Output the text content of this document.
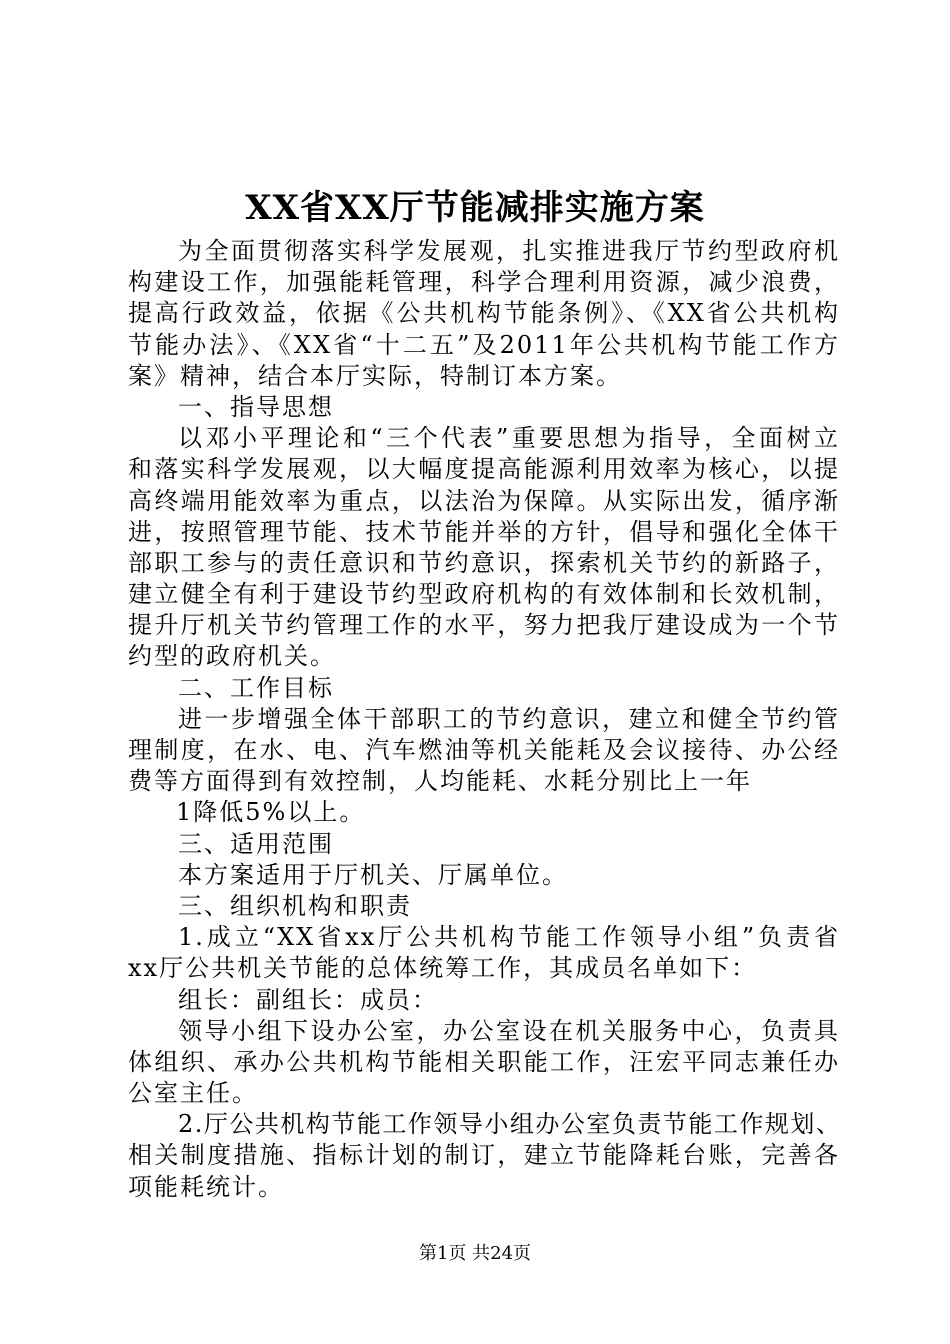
XX省XX厅节能减排实施方案
为全面贯彻落实科学发展观，扎实推进我厅节约型政府机
构建设工作，加强能耗管理，科学合理利用资源，减少浪费，
提高行政效益，依据《公共机构节能条例》、《XX省公共机构
节能办法》、《XX省“十二五”及2011年公共机构节能工作方
案》精神，结合本厅实际，特制订本方案。
一、指导思想
以邓小平理论和“三个代表”重要思想为指导，全面树立
和落实科学发展观，以大幅度提高能源利用效率为核心，以提
高终端用能效率为重点，以法治为保障。从实际出发，循序渐
进，按照管理节能、技术节能并举的方针，倡导和强化全体干
部职工参与的责任意识和节约意识，探索机关节约的新路子，
建立健全有利于建设节约型政府机构的有效体制和长效机制，
提升厅机关节约管理工作的水平，努力把我厅建设成为一个节
约型的政府机关。
二、工作目标
进一步增强全体干部职工的节约意识，建立和健全节约管
理制度，在水、电、汽车燃油等机关能耗及会议接待、办公经
费等方面得到有效控制，人均能耗、水耗分别比上一年
1降低5%以上。
三、适用范围
本方案适用于厅机关、厅属单位。
三、组织机构和职责
1.成立“XX省xx厅公共机构节能工作领导小组”负责省
xx厅公共机关节能的总体统筹工作，其成员名单如下：
组长：副组长：成员：
领导小组下设办公室，办公室设在机关服务中心，负责具
体组织、承办公共机构节能相关职能工作，汪宏平同志兼任办
公室主任。
2.厅公共机构节能工作领导小组办公室负责节能工作规划、
相关制度措施、指标计划的制订，建立节能降耗台账，完善各
项能耗统计。
第1页 共24页
